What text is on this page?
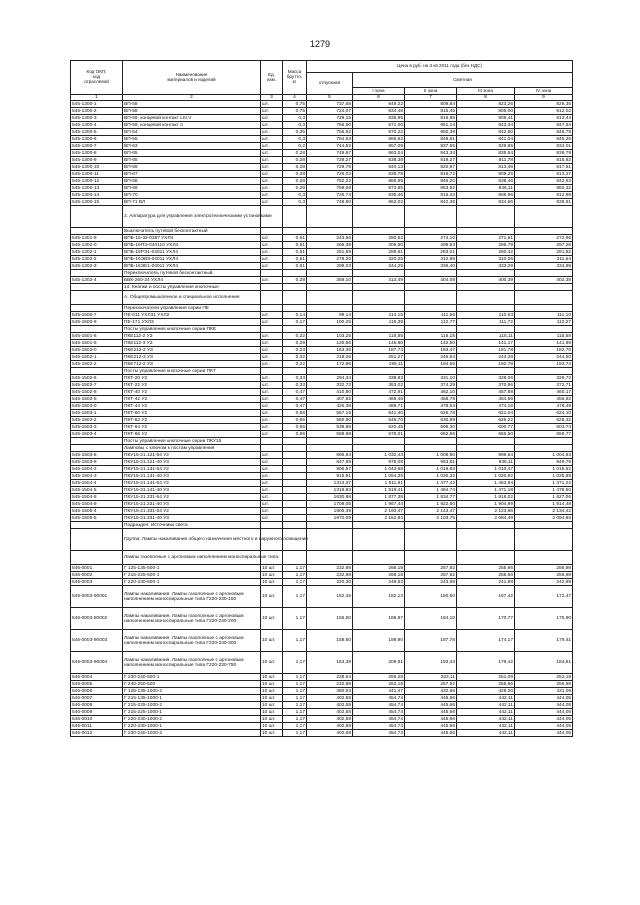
1279
Код ОКП,
код
отраслевой	Наименование
материалов и изделий	Ед.
изм.	Масса
брутто,
кг	Цена в руб. на 3 кв 2011 года (без НДС)				
				отпускная	Сметная			
					I зона	II зона	III зона	IV зона
1	2	3	4	5	6	7	8	9
545-1300-1	ВП-58	шт.	0,75	737,68	849,22	809,84	823,26	826,35
545-1300-2	ВП-58	шт.	0,75	724,07	834,48	815,45	805,00	812,02
545-1300-3	ВП-59, концевой контакт LIII,V	шт.	0,3	729,15	835,95	816,85	809,41	813,44
545-1300-4	ВП-59, концевой контакт II	шт.	0,3	756,60	871,00	851,14	843,34	847,54
545-1300-5	ВП-54	шт.	0,35	755,92	870,22	850,38	842,60	846,78
545-1300-6	ВП-55	шт.	0,3	754,53	868,62	848,81	841,04	845,25
545-1300-7	ВП-63	шт.	0,2	744,52	857,09	837,55	829,85	834,01
545-1300-8	ВП-65	шт.	0,28	749,67	863,04	843,34	835,64	839,79
545-1300-9	ВП-65	шт.	0,28	728,27	838,38	819,27	811,78	815,82
545-1300-10	ВП-66	шт.	0,28	729,78	840,13	820,97	813,46	817,51
545-1300-11	ВП-67	шт.	0,28	726,02	835,78	816,72	809,25	813,27
545-1300-12	ВП-68	шт.	0,28	752,22	865,95	846,20	838,46	842,63
545-1300-13	ВП-69	шт.	0,28	759,06	873,85	853,92	846,11	850,32
545-1300-14	ВП-70	шт.	0,3	725,74	835,46	816,43	808,96	812,98
545-1300-15	ВП-71 ВЛ	шт.	0,3	748,60	862,02	842,36	834,66	838,61
	2. Аппаратура для управления электротехническими установками							
	Выключатель путевой бесконтактный							
545-1301-9	ВПБ-15-32-0387 УХЛ4	шт.	0,51	243,66	280,52	274,10	271,61	272,96
545-1302-0	ВПБ-16ПЭ-040110 УХЛ4	шт.	0,51	265,38	305,50	298,53	295,79	297,26
545-1302-1	ВПБ-16РЭ1-04011 УХЛ4	шт.	0,51	251,59	289,61	283,01	280,42	281,82
545-1302-2	ВПБ-16ЭВ8-04011 УХЛ4	шт.	0,51	278,20	320,25	312,95	310,06	311,64
545-1302-3	ВПБ-16ЭЕ1-04011 УХЛ4	шт.	0,51	299,03	344,25	336,40	333,29	334,99
	Переключатель путевой бесконтактный							
545-1302-4	БВК-260-24 УХЛ4	шт.	0,28	359,10	413,49	404,08	400,39	402,38
	14. Кнопки и посты управления кнопочные							
	А. Общепромышленное и специальное исполнение							
	Переключатели управления серии ПЕ							
545-1500-7	ПЕ-011 УХЛ31 УХЛ2	шт.	0,14	99,14	114,15	111,56	110,53	111,10
545-1500-9	ПЕ-171 УХЛ3	шт.	0,17	100,25	115,39	112,77	111,72	112,27
	Посты управления кнопочные серии ПКЕ							
545-1501-6	ПКЕ112-2 УЗ	шт.	0,22	103,25	118,85	116,15	115,11	115,68
545-1501-8	ПКЕ112-3 УЗ	шт.	0,29	126,66	145,80	142,50	141,17	141,89
545-1502-0	ПКЕ212-2 УЗ	шт.	0,23	163,36	187,74	183,47	181,78	182,70
545-1502-1	ПКЕ212-3 УЗ	шт.	0,32	218,26	251,27	245,54	243,28	244,50
545-1502-2	ПКЕ712-2 УЗ	шт.	0,22	172,96	199,11	194,55	192,78	193,74
	Посты управления кнопочные серии ПКТ							
545-1502-6	ПКТ-20 У2	шт.	0,33	294,34	338,83	331,10	328,06	329,72
545-1502-7	ПКТ-22 У2	шт.	0,33	332,72	383,02	374,29	370,86	372,71
545-1502-8	ПКТ-40 У2	шт.	0,47	410,80	472,91	462,10	457,88	460,17
545-1502-9	ПКТ-42 У2	шт.	0,47	407,82	469,46	458,78	454,56	456,82
545-1503-0	ПКТ-44 У2	шт.	0,47	425,38	489,71	478,53	474,16	476,49
545-1503-1	ПКТ-60 У2	шт.	0,66	557,15	641,40	626,78	621,04	624,10
545-1503-2	ПКТ-62 У2	шт.	0,66	560,90	645,70	630,99	625,22	628,32
545-1503-3	ПКТ-64 У2	шт.	0,66	538,95	620,45	606,30	600,77	603,74
545-1503-4	ПКТ-66 У2	шт.	0,66	588,98	678,01	662,56	656,50	659,77
	Посты управления кнопочные серии ПКУ15							
	Ламповы с ключом к постам управления							
545-1503-8	ПКУ15-21.121-54 У2	шт.		896,84	1 032,43	1 008,90	999,64	1 004,63
545-1503-9	ПКУ15-21.121-40 У3	шт.		847,89	976,08	953,81	945,11	949,79
545-1504-2	ПКУ15-21.131-54 У2	шт.		906,57	1 043,68	1 019,83	1 010,47	1 015,52
545-1504-3	ПКУ15-21.131-40 У3	шт.		915,91	1 054,39	1 030,32	1 020,92	1 025,98
545-1504-4	ПКУ15-21.141-54 У2	шт.		1313,37	1 511,91	1 477,42	1 463,94	1 471,22
545-1504-5	ПКУ15-21.141-40 У3	шт.		1319,83	1 519,41	1 484,74	1 471,18	1 478,50
545-1504-8	ПКУ15-21.231-54 У2	шт.		1630,98	1 877,38	1 834,77	1 818,02	1 827,06
545-1504-9	ПКУ15-21.231-40 У3	шт.		1709,05	1 967,44	1 922,60	1 904,99	1 914,48
545-1505-4	ПКУ15-21.331-54 У2	шт.		1905,39	2 193,47	2 143,47	2 123,86	2 134,42
545-1505-5	ПКУ15-21.331-40 У3	шт.		1870,09	2 152,84	2 103,75	2 084,49	2 094,85
	Подраздел: Источники света							
	Группа: Лампы накаливания общего назначения местного и наружного освещения							
	Лампы газополные с аргоновым наполнением моноспиральные типа:							
546-0001	Г 125-135-500-1	10 шт.	1,17	232,98	268,18	257,92	255,66	256,98
546-0002	Г 215-225-500-1	10 шт.	1,17	232,98	268,18	257,92	255,66	256,98
546-0003	Г 220-230-500-1	10 шт.	1,17	220,30	248,63	243,68	241,98	242,99
546-0003-90001	Лампы накаливания. Лампы газополные с аргоновым наполнением моноспиральные типа Г220-230-150	10 шт.	1,17	152,45	182,14	180,50	167,42	172,47
546-0003-90002	Лампы накаливания. Лампы газополные с аргоновым наполнением моноспиральные типа Г220-230-200	10 шт.	1,17	155,50	185,97	184,10	170,77	175,90
546-0003-90003	Лампы накаливания. Лампы газополные с аргоновым наполнением моноспиральные типа Г220-230-300	10 шт.	1,17	158,60	189,90	187,78	174,17	179,41
546-0003-90004	Лампы накаливания. Лампы газополные с аргоновым наполнением моноспиральные типа Г220-230-750	10 шт.	1,17	163,38	209,91	193,43	179,42	184,81
546-0004	Г 230-240-500-1	10 шт.	1,17	228,54	258,28	253,11	251,09	252,19
546-0005	Г 240-250-500	10 шт.	1,17	232,98	263,18	257,92	255,66	256,98
546-0006	Г 125-135-1000-2	10 шт.	1,17	380,53	441,47	432,66	429,20	431,09
546-0007	Г 215-135-1000-1	10 шт.	1,17	402,58	454,74	445,66	442,11	444,05
546-0008	Г 215-225-1000-2	10 шт.	1,17	402,58	454,74	445,66	442,11	444,05
546-0009	Г 215-225-1000-1	10 шт.	1,17	402,58	454,74	445,66	442,11	444,05
546-0010	Г 220-230-1000-2	10 шт.	1,17	402,58	454,74	445,66	442,11	444,05
546-0011	Г 220-230-1000-1	10 шт.	1,17	402,58	454,74	445,66	442,11	444,05
546-0012	Г 230-240-1000-2	10 шт.	1,17	402,58	454,74	445,66	442,11	444,05
